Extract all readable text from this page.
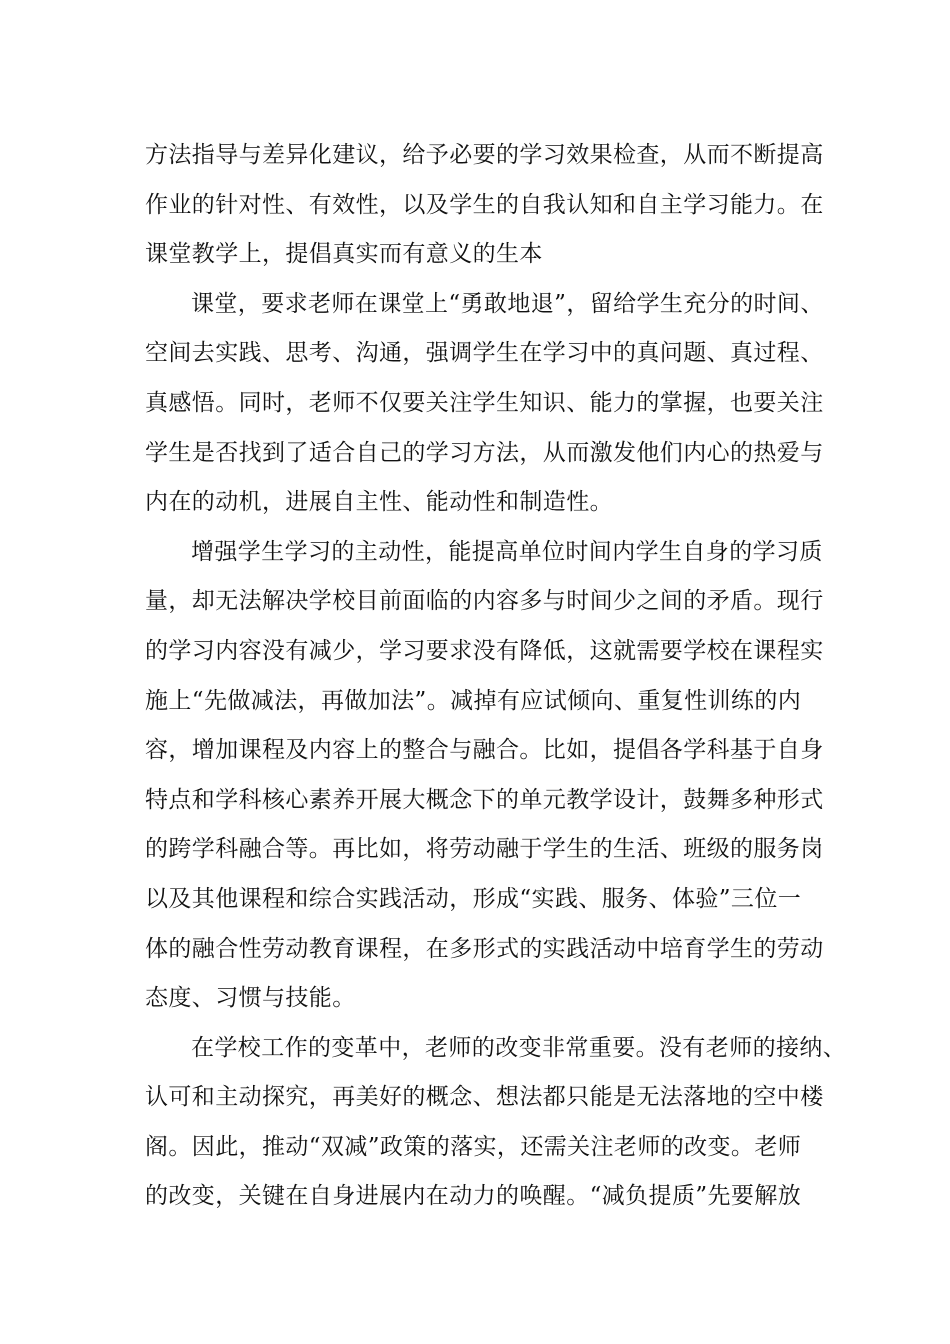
方法指导与差异化建议，给予必要的学习效果检查，从而不断提高
作业的针对性、有效性，以及学生的自我认知和自主学习能力。在
课堂教学上，提倡真实而有意义的生本
课堂，要求老师在课堂上“勇敢地退”，留给学生充分的时间、
空间去实践、思考、沟通，强调学生在学习中的真问题、真过程、
真感悟。同时，老师不仅要关注学生知识、能力的掌握，也要关注
学生是否找到了适合自己的学习方法，从而激发他们内心的热爱与
内在的动机，进展自主性、能动性和制造性。
增强学生学习的主动性，能提高单位时间内学生自身的学习质
量，却无法解决学校目前面临的内容多与时间少之间的矛盾。现行
的学习内容没有减少，学习要求没有降低，这就需要学校在课程实
施上“先做减法，再做加法”。减掉有应试倾向、重复性训练的内
容，增加课程及内容上的整合与融合。比如，提倡各学科基于自身
特点和学科核心素养开展大概念下的单元教学设计，鼓舞多种形式
的跨学科融合等。再比如，将劳动融于学生的生活、班级的服务岗
以及其他课程和综合实践活动，形成“实践、服务、体验”三位一
体的融合性劳动教育课程，在多形式的实践活动中培育学生的劳动
态度、习惯与技能。
在学校工作的变革中，老师的改变非常重要。没有老师的接纳、
认可和主动探究，再美好的概念、想法都只能是无法落地的空中楼
阁。因此，推动“双减”政策的落实，还需关注老师的改变。老师
的改变，关键在自身进展内在动力的唤醒。“减负提质”先要解放
